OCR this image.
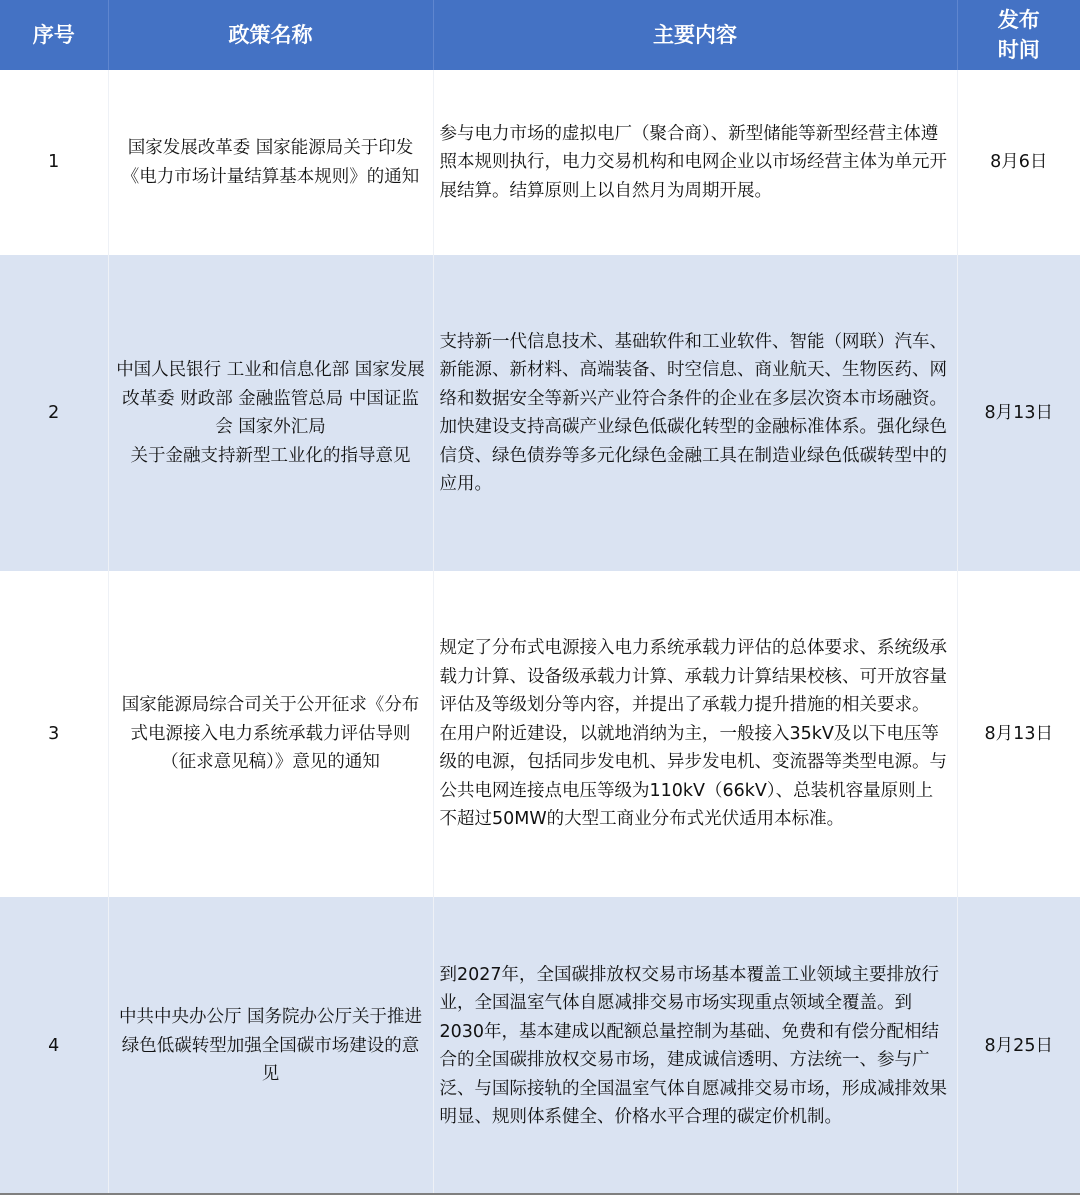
序号	政策名称	主要内容	发布
时间

1	国家发展改革委 国家能源局关于印发《电力市场计量结算基本规则》的通知	参与电力市场的虚拟电厂（聚合商）、新型储能等新型经营主体遵照本规则执行，电力交易机构和电网企业以市场经营主体为单元开展结算。结算原则上以自然月为周期开展。	8月6日
2	中国人民银行 工业和信息化部 国家发展改革委 财政部 金融监管总局 中国证监会 国家外汇局
关于金融支持新型工业化的指导意见	支持新一代信息技术、基础软件和工业软件、智能（网联）汽车、新能源、新材料、高端装备、时空信息、商业航天、生物医药、网络和数据安全等新兴产业符合条件的企业在多层次资本市场融资。加快建设支持高碳产业绿色低碳化转型的金融标准体系。强化绿色信贷、绿色债券等多元化绿色金融工具在制造业绿色低碳转型中的应用。	8月13日
3	国家能源局综合司关于公开征求《分布式电源接入电力系统承载力评估导则（征求意见稿）》意见的通知	规定了分布式电源接入电力系统承载力评估的总体要求、系统级承载力计算、设备级承载力计算、承载力计算结果校核、可开放容量评估及等级划分等内容，并提出了承载力提升措施的相关要求。
在用户附近建设，以就地消纳为主，一般接入35kV及以下电压等级的电源，包括同步发电机、异步发电机、变流器等类型电源。与公共电网连接点电压等级为110kV（66kV）、总装机容量原则上不超过50MW的大型工商业分布式光伏适用本标准。	8月13日
4	中共中央办公厅 国务院办公厅关于推进绿色低碳转型加强全国碳市场建设的意见	到2027年，全国碳排放权交易市场基本覆盖工业领域主要排放行业，全国温室气体自愿减排交易市场实现重点领域全覆盖。到2030年，基本建成以配额总量控制为基础、免费和有偿分配相结合的全国碳排放权交易市场，建成诚信透明、方法统一、参与广泛、与国际接轨的全国温室气体自愿减排交易市场，形成减排效果明显、规则体系健全、价格水平合理的碳定价机制。	8月25日
